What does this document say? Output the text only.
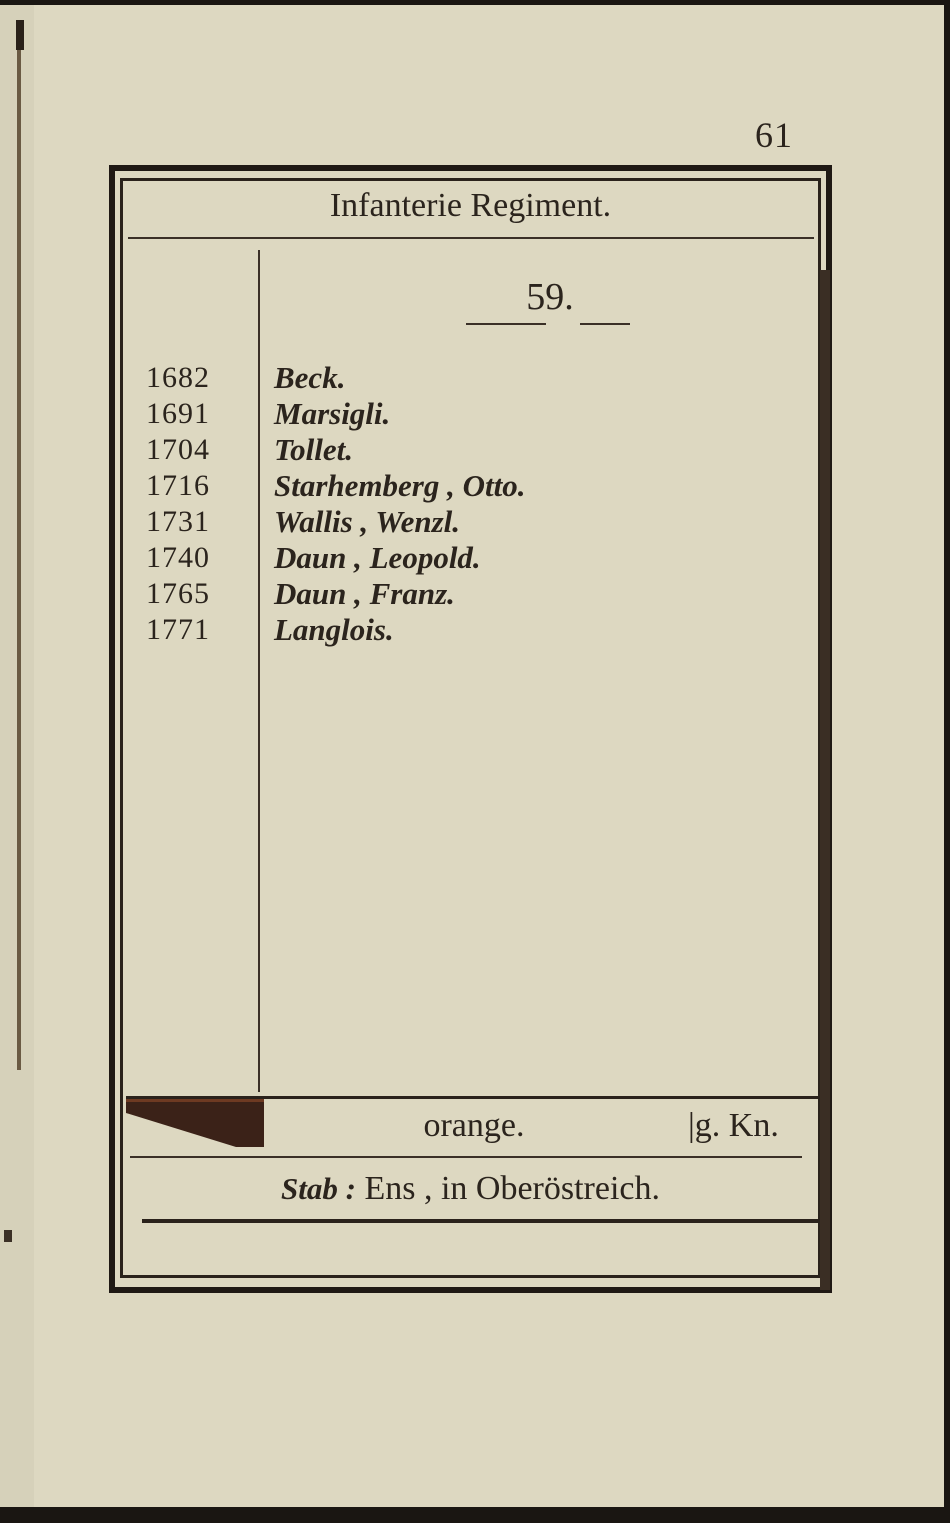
61
Infanterie Regiment.
59.
1682	Beck.
1691	Marsigli.
1704	Tollet.
1716	Starhemberg , Otto.
1731	Wallis , Wenzl.
1740	Daun , Leopold.
1765	Daun , Franz.
1771	Langlois.
orange.	|g. Kn.
Stab : Ens , in Oberöstreich.
